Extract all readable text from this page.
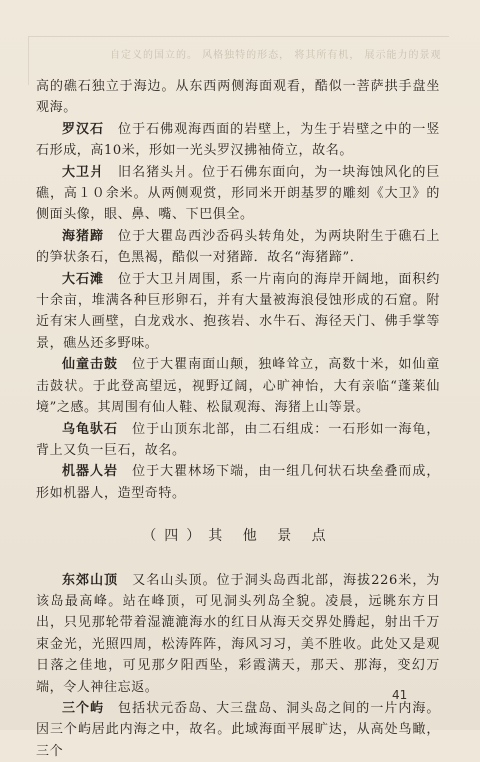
自定义的国立的。 风格独特的形态， 将其所有机， 展示能力的景观

高的礁石独立于海边。从东西两侧海面观看，酷似一菩萨拱手盘坐观海。

罗汉石　位于石佛观海西面的岩壁上，为生于岩壁之中的一竖石形成，高10米，形如一光头罗汉拂袖倚立，故名。

大卫爿　旧名猪头爿。位于石佛东面向，为一块海蚀风化的巨礁，高１０余米。从两侧观赏，形同米开朗基罗的雕刻《大卫》的侧面头像，眼、鼻、嘴、下巴俱全。

海猪蹄　位于大瞿岛西沙岙码头转角处，为两块附生于礁石上的笋状条石，色黑褐，酷似一对猪蹄．故名“海猪蹄”．

大石滩　位于大卫爿周围，系一片南向的海岸开阔地，面积约十余亩，堆满各种巨形卵石，并有大量被海浪侵蚀形成的石窟。附近有宋人画壁，白龙戏水、抱孩岩、水牛石、海径天门、佛手掌等景，礁丛还多野味。

仙童击鼓　位于大瞿南面山颠，独峰耸立，高数十米，如仙童击鼓状。于此登高望远，视野辽阔，心旷神怡，大有亲临“蓬莱仙境”之感。其周围有仙人鞋、松鼠观海、海猪上山等景。

乌龟驮石　位于山顶东北部，由二石组成：一石形如一海龟，背上又负一巨石，故名。

机器人岩　位于大瞿林场下端，由一组几何状石块垒叠而成，形如机器人，造型奇特。

（四）其 他 景 点

东郊山顶　又名山头顶。位于洞头岛西北部，海拔226米，为该岛最高峰。站在峰顶，可见洞头列岛全貌。凌晨，远眺东方日出，只见那轮带着湿漉漉海水的红日从海天交界处腾起，射出千万束金光，光照四周，松涛阵阵，海风习习，美不胜收。此处又是观日落之佳地，可见那夕阳西坠，彩霞满天，那天、那海，变幻万端，令人神往忘返。

三个屿　包括状元岙岛、大三盘岛、洞头岛之间的一片内海。因三个屿居此内海之中，故名。此域海面平展旷达，从高处鸟瞰，三个

41
